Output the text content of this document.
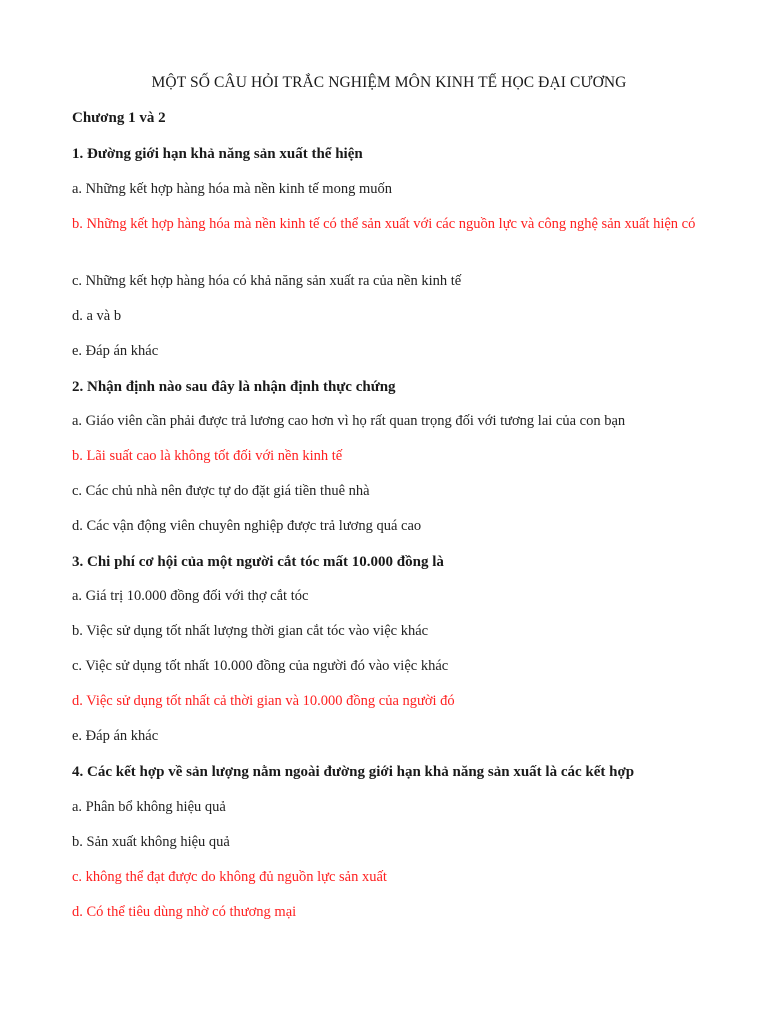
MỘT SỐ CÂU HỎI TRẮC NGHIỆM MÔN KINH TẾ HỌC ĐẠI CƯƠNG

Chương 1 và 2

1. Đường giới hạn khả năng sản xuất thể hiện

a. Những kết hợp hàng hóa mà nền kinh tế mong muốn

b. Những kết hợp hàng hóa mà nền kinh tế có thể sản xuất với các nguồn lực và công nghệ sản xuất hiện có

c. Những kết hợp hàng hóa có khả năng sản xuất ra của nền kinh tế

d. a và b

e. Đáp án khác

2. Nhận định nào sau đây là nhận định thực chứng

a. Giáo viên cần phải được trả lương cao hơn vì họ rất quan trọng đối với tương lai của con bạn

b. Lãi suất cao là không tốt đối với nền kinh tế

c. Các chủ nhà nên được tự do đặt giá tiền thuê nhà

d. Các vận động viên chuyên nghiệp được trả lương quá cao

3. Chi phí cơ hội của một người cắt tóc mất 10.000 đồng là

a. Giá trị 10.000 đồng đối với thợ cắt tóc

b. Việc sử dụng tốt nhất lượng thời gian cắt tóc vào việc khác

c. Việc sử dụng tốt nhất 10.000 đồng của người đó vào việc khác

d. Việc sử dụng tốt nhất cả thời gian và 10.000 đồng của người đó

e. Đáp án khác

4. Các kết hợp về sản lượng nằm ngoài đường giới hạn khả năng sản xuất là các kết hợp

a. Phân bổ không hiệu quả

b. Sản xuất không hiệu quả

c. không thể đạt được do không đủ nguồn lực sản xuất

d. Có thể tiêu dùng nhờ có thương mại
